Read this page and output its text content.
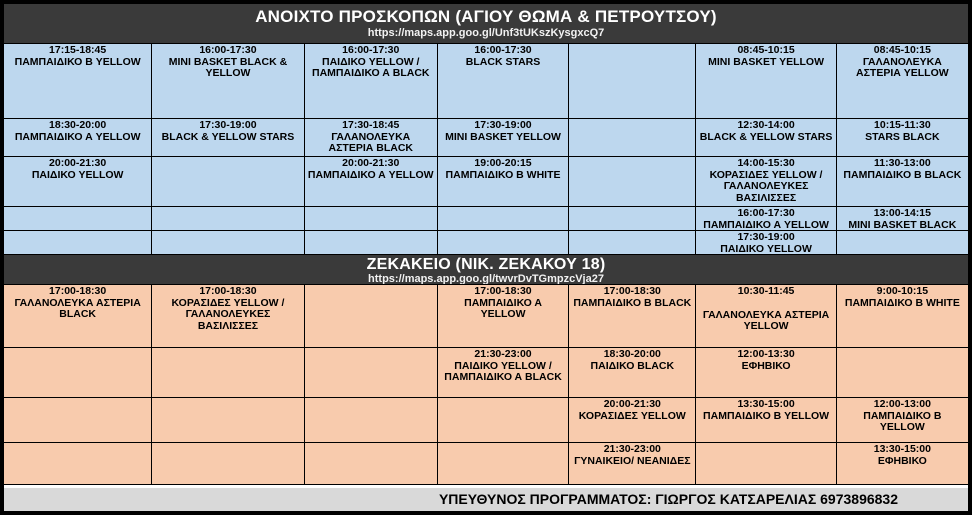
ΑΝΟΙΧΤΟ ΠΡΟΣΚΟΠΩΝ (ΑΓΙΟΥ ΘΩΜΑ & ΠΕΤΡΟΥΤΣΟΥ)
https://maps.app.goo.gl/Unf3tUKszKysgxcQ7
17:15-18:45
ΠΑΜΠΑΙΔΙΚΟ Β YELLOW
16:00-17:30
MINI BASKET BLACK & YELLOW
16:00-17:30
ΠΑΙΔΙΚΟ YELLOW / ΠΑΜΠΑΙΔΙΚΟ Α BLACK
16:00-17:30
BLACK STARS
08:45-10:15
MINI BASKET YELLOW
08:45-10:15
ΓΑΛΑΝΟΛΕΥΚΑ ΑΣΤΕΡΙΑ YELLOW
18:30-20:00
ΠΑΜΠΑΙΔΙΚΟ Α YELLOW
17:30-19:00
BLACK & YELLOW STARS
17:30-18:45
ΓΑΛΑΝΟΛΕΥΚΑ ΑΣΤΕΡΙΑ BLACK
17:30-19:00
MINI BASKET YELLOW
12:30-14:00
BLACK & YELLOW STARS
10:15-11:30
STARS BLACK
20:00-21:30
ΠΑΙΔΙΚΟ YELLOW
20:00-21:30
ΠΑΜΠΑΙΔΙΚΟ Α YELLOW
19:00-20:15
ΠΑΜΠΑΙΔΙΚΟ Β WHITE
14:00-15:30
ΚΟΡΑΣΙΔΕΣ YELLOW / ΓΑΛΑΝΟΛΕΥΚΕΣ ΒΑΣΙΛΙΣΣΕΣ
11:30-13:00
ΠΑΜΠΑΙΔΙΚΟ Β BLACK
16:00-17:30
ΠΑΜΠΑΙΔΙΚΟ Α YELLOW
13:00-14:15
MINI BASKET BLACK
17:30-19:00
ΠΑΙΔΙΚΟ YELLOW
ΖΕΚΑΚΕΙΟ (ΝΙΚ. ΖΕΚΑΚΟΥ 18)
https://maps.app.goo.gl/twvrDvTGmpzcVja27
17:00-18:30
ΓΑΛΑΝΟΛΕΥΚΑ ΑΣΤΕΡΙΑ BLACK
17:00-18:30
ΚΟΡΑΣΙΔΕΣ YELLOW / ΓΑΛΑΝΟΛΕΥΚΕΣ ΒΑΣΙΛΙΣΣΕΣ
17:00-18:30
ΠΑΜΠΑΙΔΙΚΟ Α YELLOW
17:00-18:30
ΠΑΜΠΑΙΔΙΚΟ Β BLACK
10:30-11:45
ΓΑΛΑΝΟΛΕΥΚΑ ΑΣΤΕΡΙΑ YELLOW
9:00-10:15
ΠΑΜΠΑΙΔΙΚΟ Β WHITE
21:30-23:00
ΠΑΙΔΙΚΟ YELLOW / ΠΑΜΠΑΙΔΙΚΟ Α BLACK
18:30-20:00
ΠΑΙΔΙΚΟ BLACK
12:00-13:30
ΕΦΗΒΙΚΟ
20:00-21:30
ΚΟΡΑΣΙΔΕΣ YELLOW
13:30-15:00
ΠΑΜΠΑΙΔΙΚΟ Β YELLOW
12:00-13:00
ΠΑΜΠΑΙΔΙΚΟ Β YELLOW
21:30-23:00
ΓΥΝΑΙΚΕΙΟ/ ΝΕΑΝΙΔΕΣ
13:30-15:00
ΕΦΗΒΙΚΟ
ΥΠΕΥΘΥΝΟΣ ΠΡΟΓΡΑΜΜΑΤΟΣ: ΓΙΩΡΓΟΣ ΚΑΤΣΑΡΕΛΙΑΣ 6973896832
